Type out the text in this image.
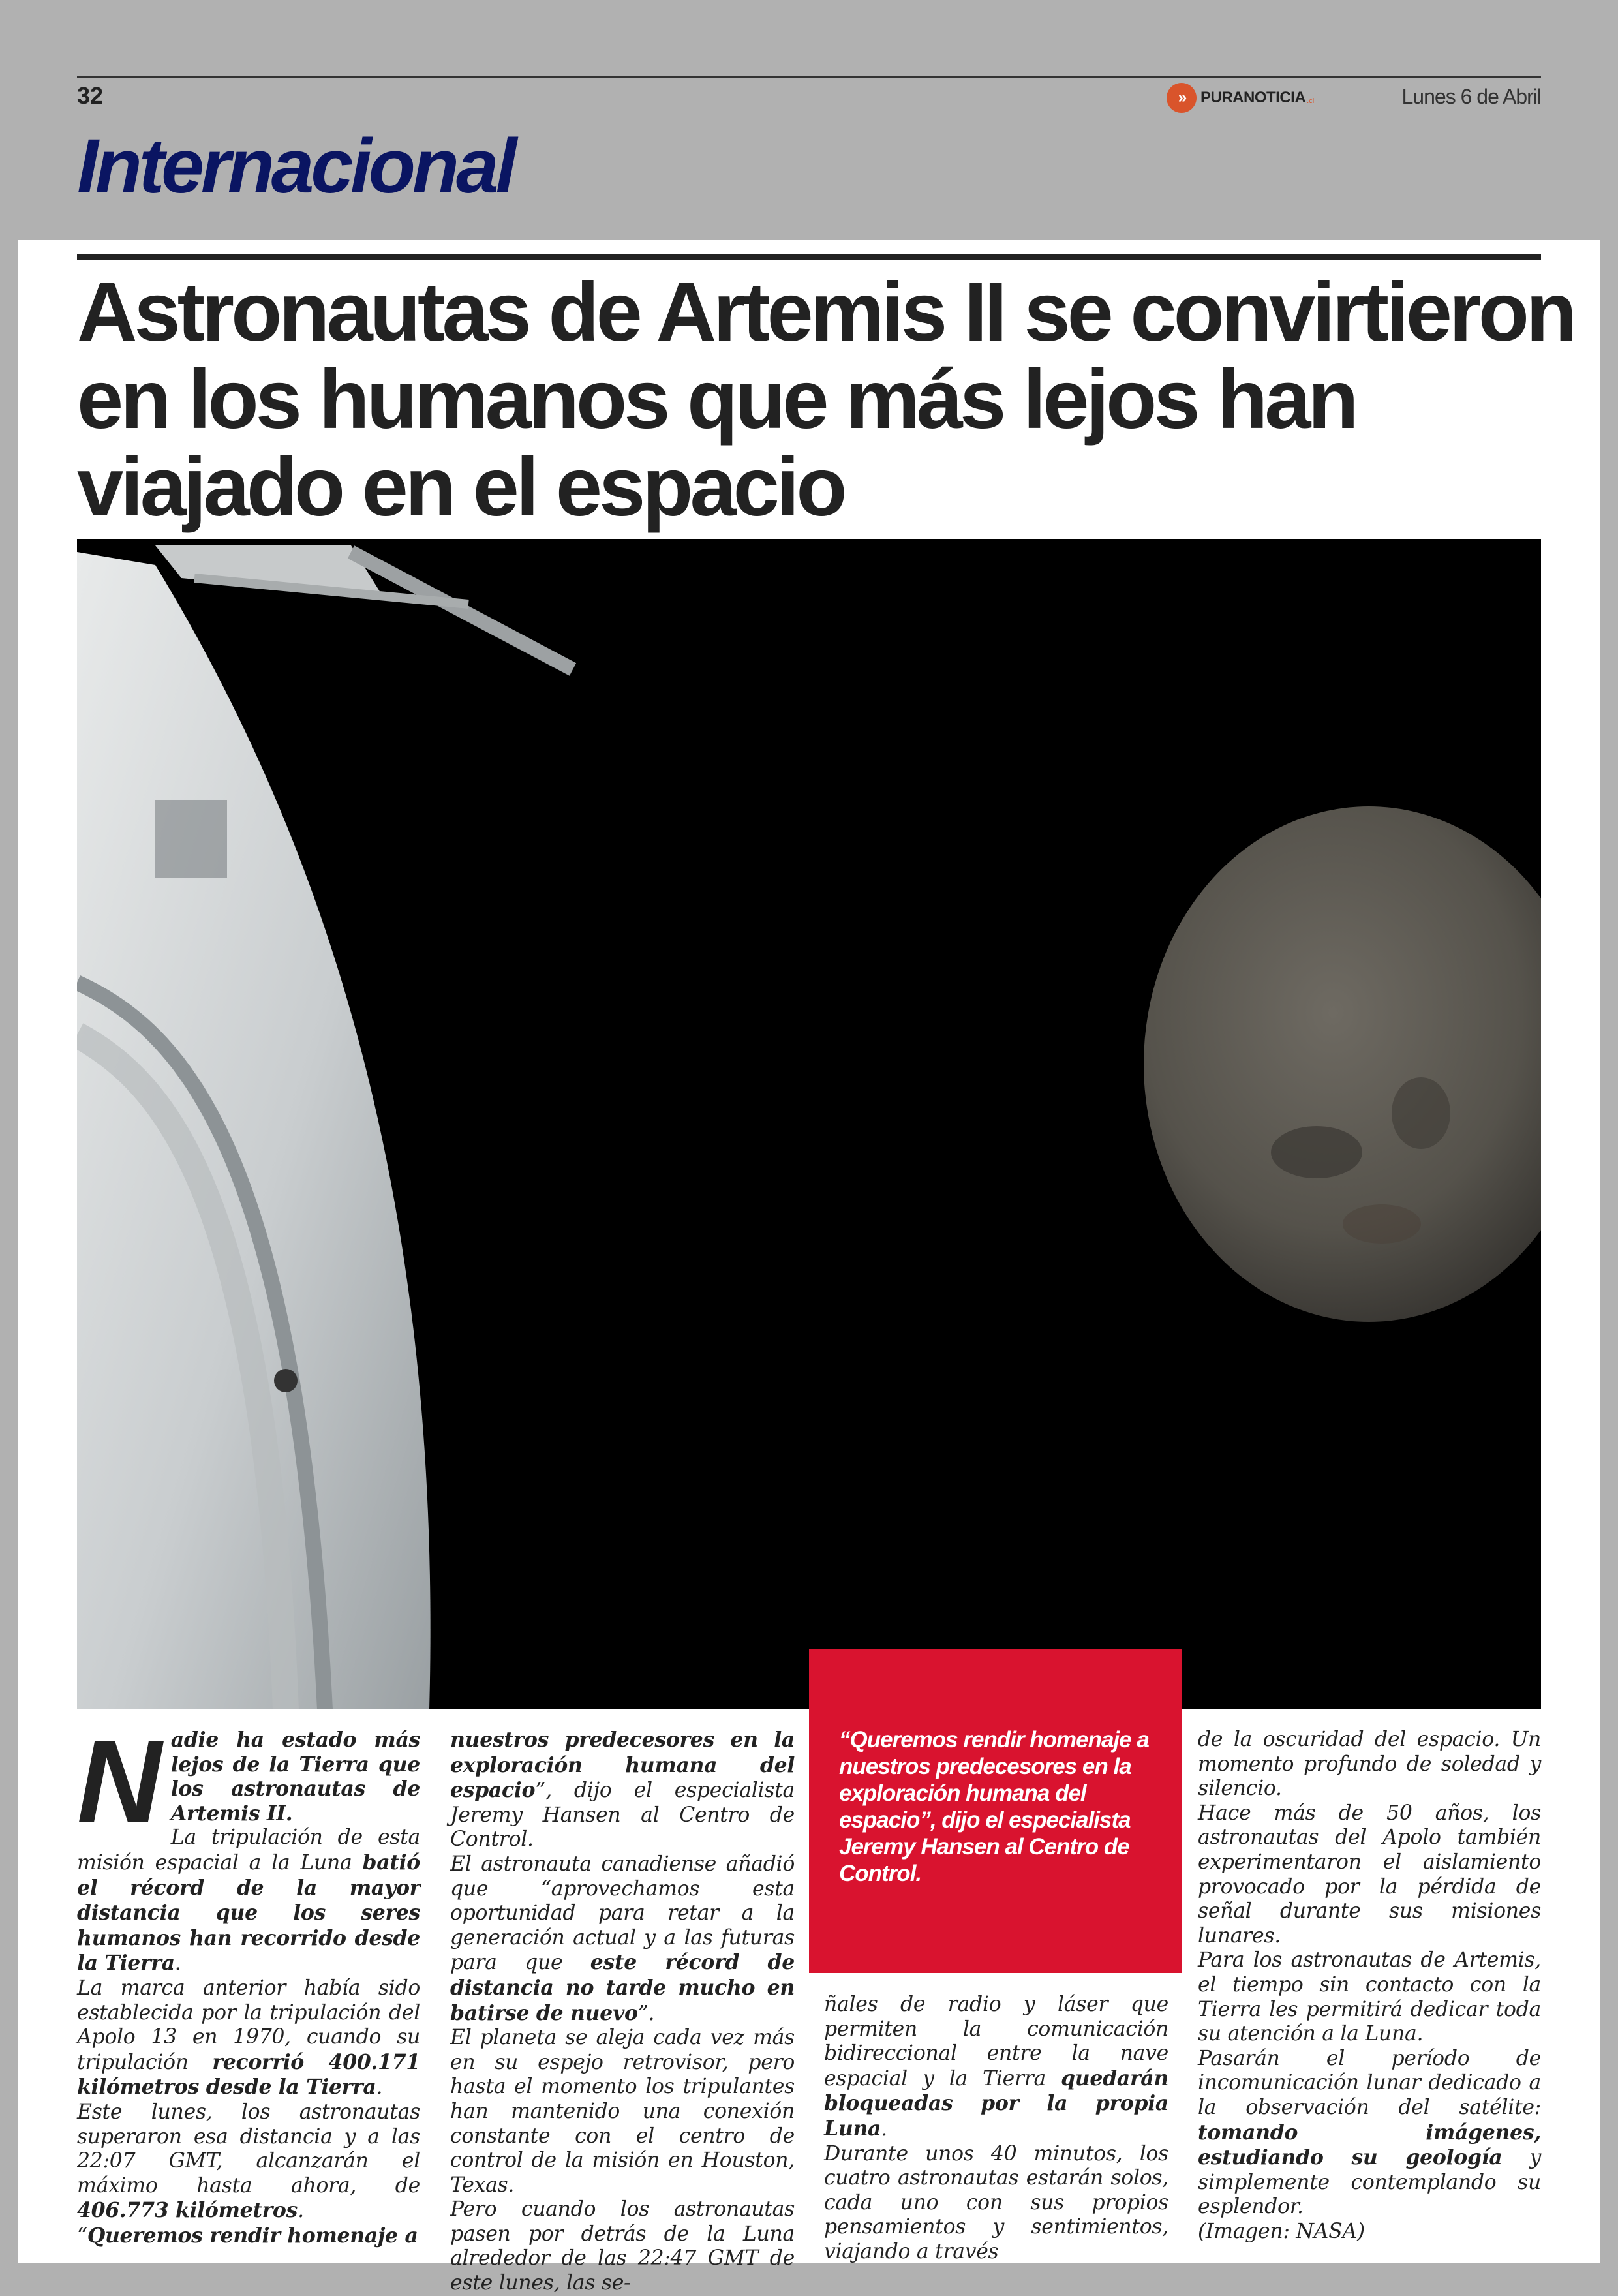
32	» PURANOTICIA .cl	Lunes 6 de Abril
Internacional
Astronautas de Artemis II se convirtieron en los humanos que más lejos han viajado en el espacio

“Queremos rendir homenaje a nuestros predecesores en la exploración humana del espacio”, dijo el especialista Jeremy Hansen al Centro de Control.

N adie ha estado más lejos de la Tierra que los astronautas de Artemis II.

La tripulación de esta misión espacial a la Luna batió el récord de la mayor distancia que los seres humanos han recorrido desde la Tierra.

La marca anterior había sido establecida por la tripulación del Apolo 13 en 1970, cuando su tripulación recorrió 400.171 kilómetros desde la Tierra.

Este lunes, los astronautas superaron esa distancia y a las 22:07 GMT, alcanzarán el máximo hasta ahora, de 406.773 kilómetros.

“Queremos rendir homenaje a

nuestros predecesores en la exploración humana del espacio”, dijo el especialista Jeremy Hansen al Centro de Control.

El astronauta canadiense añadió que “aprovechamos esta oportunidad para retar a la generación actual y a las futuras para que este récord de distancia no tarde mucho en batirse de nuevo”.

El planeta se aleja cada vez más en su espejo retrovisor, pero hasta el momento los tripulantes han mantenido una conexión constante con el centro de control de la misión en Houston, Texas.

Pero cuando los astronautas pasen por detrás de la Luna alrededor de las 22:47 GMT de este lunes, las se-

ñales de radio y láser que permiten la comunicación bidireccional entre la nave espacial y la Tierra quedarán bloqueadas por la propia Luna.

Durante unos 40 minutos, los cuatro astronautas estarán solos, cada uno con sus propios pensamientos y sentimientos, viajando a través

de la oscuridad del espacio. Un momento profundo de soledad y silencio.

Hace más de 50 años, los astronautas del Apolo también experimentaron el aislamiento provocado por la pérdida de señal durante sus misiones lunares.

Para los astronautas de Artemis, el tiempo sin contacto con la Tierra les permitirá dedicar toda su atención a la Luna.

Pasarán el período de incomunicación lunar dedicado a la observación del satélite: tomando imágenes, estudiando su geología y simplemente contemplando su esplendor.

(Imagen: NASA)
